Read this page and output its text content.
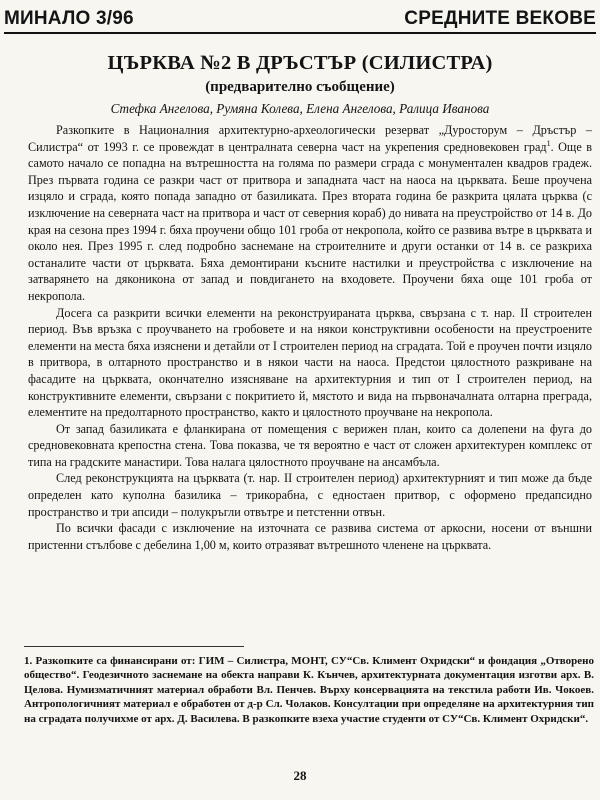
МИНАЛО 3/96	СРЕДНИТЕ ВЕКОВЕ
ЦЪРКВА №2 В ДРЪСТЪР (СИЛИСТРА)
(предварително съобщение)
Стефка Ангелова, Румяна Колева, Елена Ангелова, Ралица Иванова

Разкопките в Националния архитектурно-археологически резерват „Дуросторум – Дръстър – Силистра“ от 1993 г. се провеждат в централната северна част на укрепения средновековен град$^1$. Още в самото начало се попадна на вътрешността на голяма по размери сграда с монументален квадров градеж. През първата година се разкри част от притвора и западната част на наоса на църквата. Беше проучена изцяло и сграда, която попада западно от базиликата. През втората година бе разкрита цялата църква (с изключение на северната част на притвора и част от северния кораб) до нивата на преустройство от 14 в. До края на сезона през 1994 г. бяха проучени общо 101 гроба от некропола, който се развива вътре в църквата и около нея. През 1995 г. след подробно заснемане на строителните и други останки от 14 в. се разкриха останалите части от църквата. Бяха демонтирани късните настилки и преустройства с изключение на затварянето на дяконикона от запад и повдигането на входовете. Проучени бяха още 101 гроба от некропола.

Досега са разкрити всички елементи на реконструираната църква, свързана с т. нар. II строителен период. Във връзка с проучването на гробовете и на някои конструктивни особености на преустроените елементи на места бяха изяснени и детайли от I строителен период на сградата. Той е проучен почти изцяло в притвора, в олтарното пространство и в някои части на наоса. Предстои цялостното разкриване на фасадите на църквата, окончателно изясняване на архитектурния и тип от I строителен период, на конструктивните елементи, свързани с покритието й, мястото и вида на първоначалната олтарна преграда, елементите на предолтарното пространство, както и цялостното проучване на некропола.

От запад базиликата е фланкирана от помещения с верижен план, които са долепени на фуга до средновековната крепостна стена. Това показва, че тя вероятно е част от сложен архитектурен комплекс от типа на градските манастири. Това налага цялостното проучване на ансамбъла.

След реконструкцията на църквата (т. нар. II строителен период) архитектурният и тип може да бъде определен като куполна базилика – трикорабна, с едностаен притвор, с оформено предапсидно пространство и три апсиди – полукръгли отвътре и петстенни отвън.

По всички фасади с изключение на източната се развива система от аркосни, носени от външни пристенни стълбове с дебелина 1,00 м, които отразяват вътрешното членене на църквата.

1. Разкопките са финансирани от: ГИМ – Силистра, МОНТ, СУ“Св. Климент Охридски“ и фондация „Отворено общество“. Геодезичното заснемане на обекта направи К. Кънчев, архитектурната документация изготви арх. В. Целова. Нумизматичният материал обработи Вл. Пенчев. Върху консервацията на текстила работи Ив. Чокоев. Антропологичният материал е обработен от д-р Сл. Чолаков. Консултации при определяне на архитектурния тип на сградата получихме от арх. Д. Василева. В разкопките взеха участие студенти от СУ“Св. Климент Охридски“.

28
